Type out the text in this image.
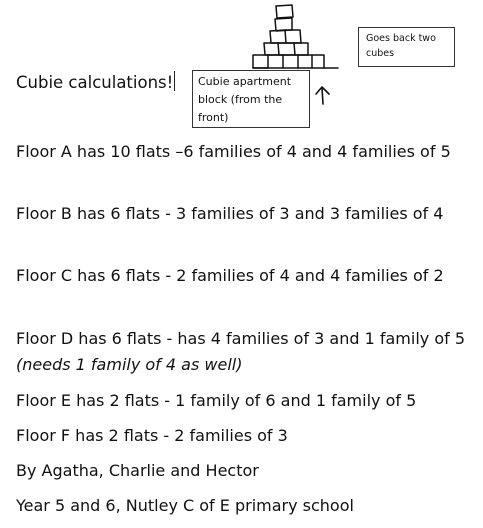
Goes back two cubes
Cubie calculations!	Cubie apartment block (from the front)
Floor A has 10 flats –6 families of 4 and 4 families of 5
Floor B has 6 flats - 3 families of 3 and 3 families of 4
Floor C has 6 flats - 2 families of 4 and 4 families of 2
Floor D has 6 flats - has 4 families of 3 and 1 family of 5 (needs 1 family of 4 as well)
Floor E has 2 flats - 1 family of 6 and 1 family of 5
Floor F has 2 flats - 2 families of 3
By Agatha, Charlie and Hector
Year 5 and 6, Nutley C of E primary school
